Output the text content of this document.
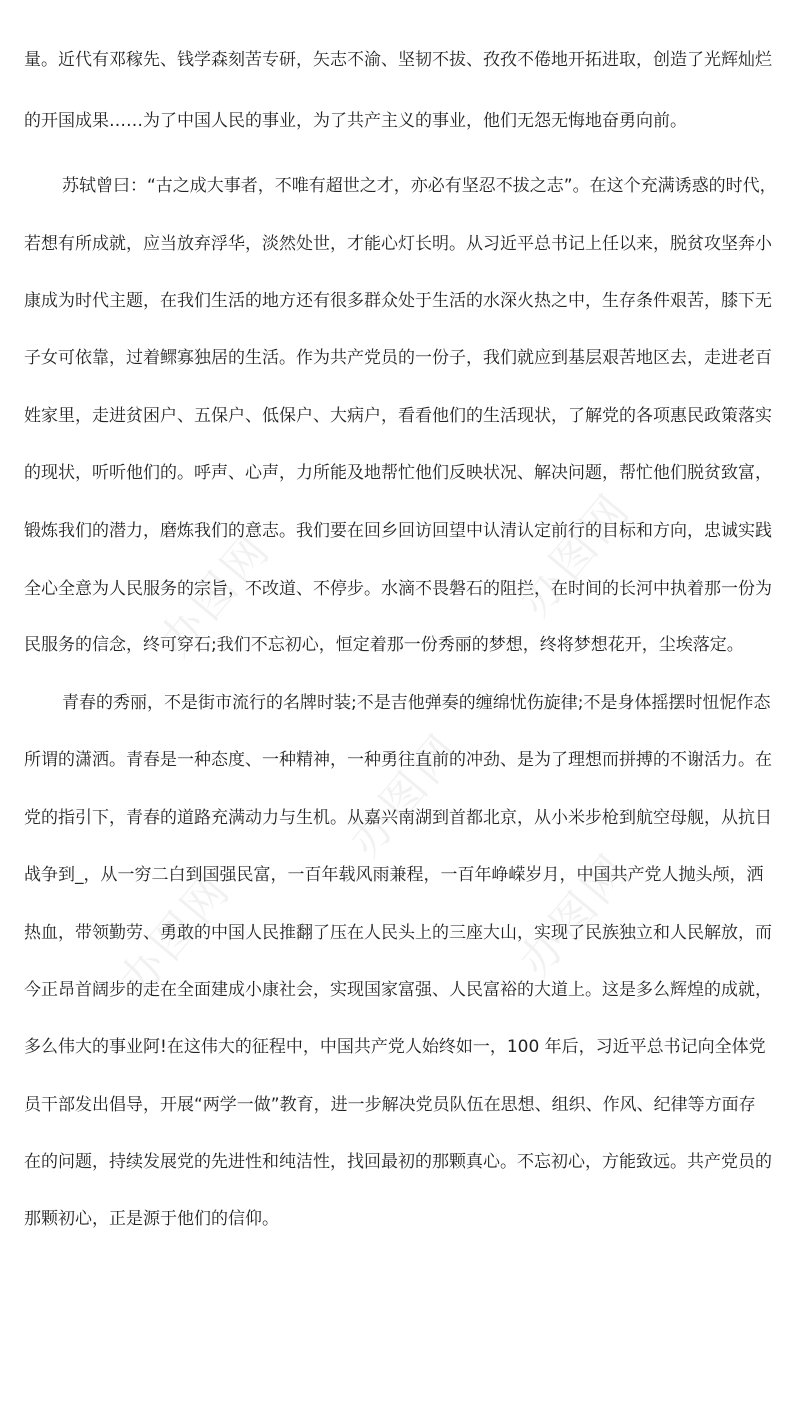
办图网	办图网
办图网
办图网	办图网
量。近代有邓稼先、钱学森刻苦专研，矢志不渝、坚韧不拔、孜孜不倦地开拓进取，创造了光辉灿烂
的开国成果……为了中国人民的事业，为了共产主义的事业，他们无怨无悔地奋勇向前。
苏轼曾曰：“古之成大事者，不唯有超世之才，亦必有坚忍不拔之志”。在这个充满诱惑的时代，
若想有所成就，应当放弃浮华，淡然处世，才能心灯长明。从习近平总书记上任以来，脱贫攻坚奔小
康成为时代主题，在我们生活的地方还有很多群众处于生活的水深火热之中，生存条件艰苦，膝下无
子女可依靠，过着鳏寡独居的生活。作为共产党员的一份子，我们就应到基层艰苦地区去，走进老百
姓家里，走进贫困户、五保户、低保户、大病户，看看他们的生活现状，了解党的各项惠民政策落实
的现状，听听他们的。呼声、心声，力所能及地帮忙他们反映状况、解决问题，帮忙他们脱贫致富，
锻炼我们的潜力，磨炼我们的意志。我们要在回乡回访回望中认清认定前行的目标和方向，忠诚实践
全心全意为人民服务的宗旨，不改道、不停步。水滴不畏磐石的阻拦，在时间的长河中执着那一份为
民服务的信念，终可穿石;我们不忘初心，恒定着那一份秀丽的梦想，终将梦想花开，尘埃落定。
青春的秀丽，不是街市流行的名牌时装;不是吉他弹奏的缠绵忧伤旋律;不是身体摇摆时忸怩作态
所谓的潇洒。青春是一种态度、一种精神，一种勇往直前的冲劲、是为了理想而拼搏的不谢活力。在
党的指引下，青春的道路充满动力与生机。从嘉兴南湖到首都北京，从小米步枪到航空母舰，从抗日
战争到_，从一穷二白到国强民富，一百年载风雨兼程，一百年峥嵘岁月，中国共产党人抛头颅，洒
热血，带领勤劳、勇敢的中国人民推翻了压在人民头上的三座大山，实现了民族独立和人民解放，而
今正昂首阔步的走在全面建成小康社会，实现国家富强、人民富裕的大道上。这是多么辉煌的成就，
多么伟大的事业阿!在这伟大的征程中，中国共产党人始终如一，100 年后，习近平总书记向全体党
员干部发出倡导，开展“两学一做”教育，进一步解决党员队伍在思想、组织、作风、纪律等方面存
在的问题，持续发展党的先进性和纯洁性，找回最初的那颗真心。不忘初心，方能致远。共产党员的
那颗初心，正是源于他们的信仰。
